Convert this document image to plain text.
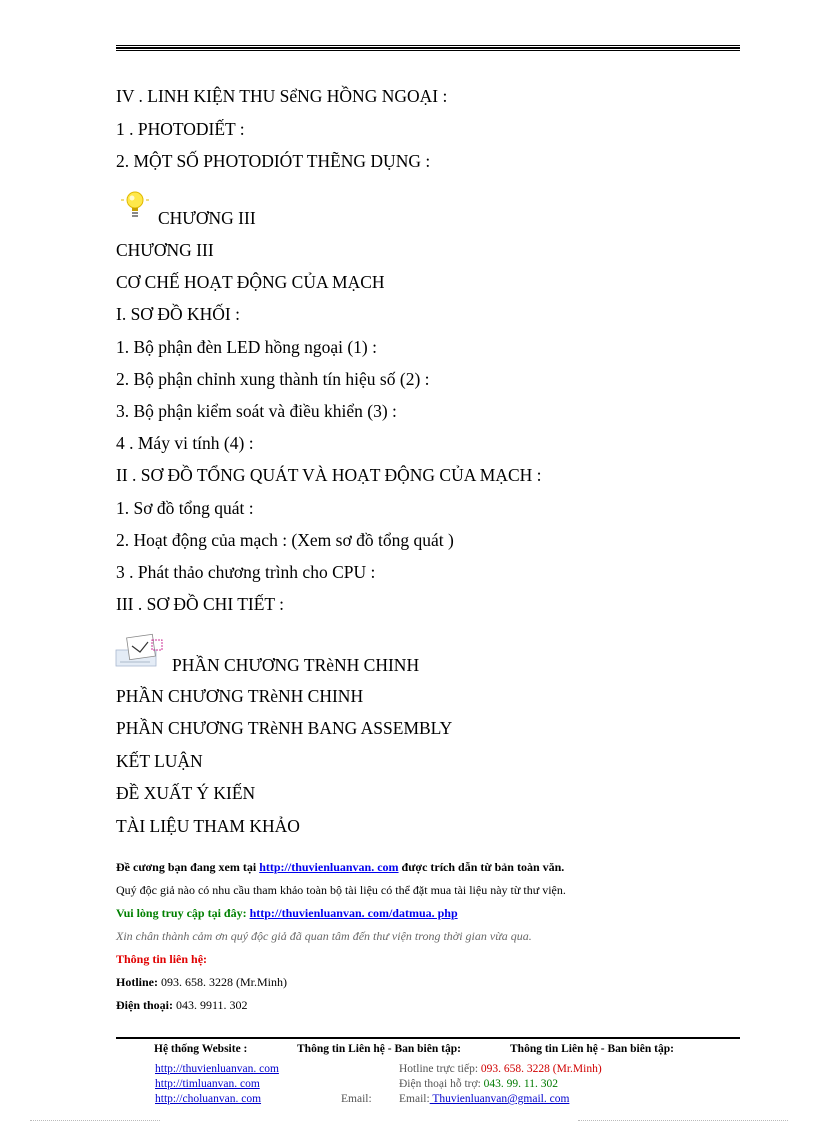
IV . LINH KIỆN THU SểNG HỒNG NGOẠI :
1 . PHOTODIẾT :
2. MỘT SỐ PHOTODIÓT THẼNG DỤNG :
CHƯƠNG III
CHƯƠNG III
CƠ CHẾ HOẠT ĐỘNG CỦA MẠCH
I. SƠ ĐỒ KHỐI :
1. Bộ phận đèn LED hồng ngoại (1) :
2. Bộ phận chỉnh xung thành tín hiệu số (2) :
3. Bộ phận kiểm soát và điều khiển (3) :
4 . Máy vi tính (4) :
II . SƠ ĐỒ TỔNG QUÁT VÀ HOẠT ĐỘNG CỦA MẠCH :
1. Sơ đồ tổng quát :
2. Hoạt động của mạch : (Xem sơ đồ tổng quát )
3 . Phát thảo chương trình cho CPU :
III . SƠ ĐỒ CHI TIẾT :
PHẦN CHƯƠNG TRèNH CHINH
PHẦN CHƯƠNG TRèNH CHINH
PHẦN CHƯƠNG TRèNH BANG ASSEMBLY
KẾT LUẬN
ĐỀ XUẤT Ý KIẾN
TÀI LIỆU THAM KHẢO
Đề cương bạn đang xem tại http://thuvienluanvan. com được trích dẫn từ bản toàn văn.
Quý độc giả nào có nhu cầu tham khảo toàn bộ tài liệu có thể đặt mua tài liệu này từ thư viện.
Vui lòng truy cập tại đây: http://thuvienluanvan. com/datmua. php
Xin chân thành cảm ơn quý độc giả đã quan tâm đến thư viện trong thời gian vừa qua.
Thông tin liên hệ:
Hotline: 093. 658. 3228 (Mr.Minh)
Điện thoại: 043. 9911. 302
Hệ thống Website :	Thông tin Liên hệ - Ban biên tập:	Thông tin Liên hệ - Ban biên tập:
http://thuvienluanvan. com
http://timluanvan. com
http://choluanvan. com
Hotline trực tiếp: 093. 658. 3228 (Mr.Minh)
Điện thoại hỗ trợ: 043. 99. 11. 302
Email: Email: Thuvienluanvan@gmail. com
